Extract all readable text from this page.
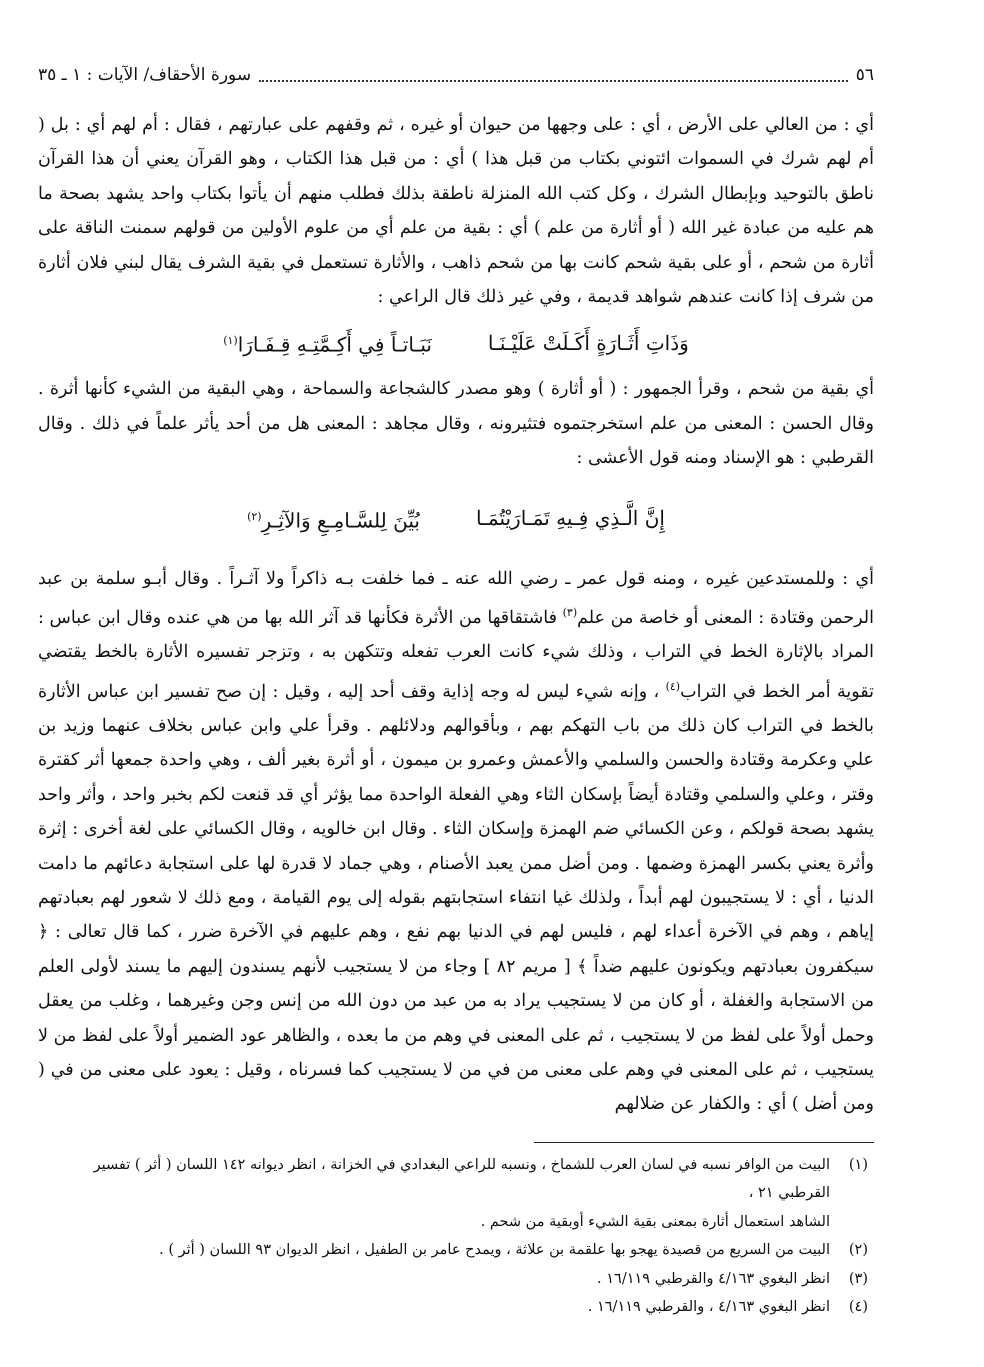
٥٦
سورة الأحقاف/ الآيات : ١ ـ ٣٥

أي : من العالي على الأرض ، أي : على وجهها من حيوان أو غيره ، ثم وقفهم على عبارتهم ، فقال : أم لهم أي : بل ( أم لهم شرك في السموات ائتوني بكتاب من قبل هذا ) أي : من قبل هذا الكتاب ، وهو القرآن يعني أن هذا القرآن ناطق بالتوحيد وبإبطال الشرك ، وكل كتب الله المنزلة ناطقة بذلك فطلب منهم أن يأتوا بكتاب واحد يشهد بصحة ما هم عليه من عبادة غير الله ( أو أثارة من علم ) أي : بقية من علم أي من علوم الأولين من قولهم سمنت الناقة على أثارة من شحم ، أو على بقية شحم كانت بها من شحم ذاهب ، والأثارة تستعمل في بقية الشرف يقال لبني فلان أثارة من شرف إذا كانت عندهم شواهد قديمة ، وفي غير ذلك قال الراعي :

وَذَاتِ أَثَـارَةٍ أَكَـلَتْ عَلَيْـنَـا
نَبَـاتـاً فِي أَكِـمَّتِـهِ قِـفَـارَا$^{(١)}$

أي بقية من شحم ، وقرأ الجمهور : ( أو أثارة ) وهو مصدر كالشجاعة والسماحة ، وهي البقية من الشيء كأنها أثرة . وقال الحسن : المعنى من علم استخرجتموه فتثيرونه ، وقال مجاهد : المعنى هل من أحد يأثر علماً في ذلك . وقال القرطبي : هو الإسناد ومنه قول الأعشى :

إِنَّ الَّـذِي فِـيهِ تَمَـارَيْتُمَـا
بُيِّنَ لِلسَّـامِـعِ وَالآثِـرِ$^{(٢)}$

أي : وللمستدعين غيره ، ومنه قول عمر ـ رضي الله عنه ـ فما خلفت بـه ذاكراً ولا آثـراً . وقال أبـو سلمة بن عبد الرحمن وقتادة : المعنى أو خاصة من علم$^{(٣)}$ فاشتقاقها من الأثرة فكأنها قد آثر الله بها من هي عنده وقال ابن عباس : المراد بالإثارة الخط في التراب ، وذلك شيء كانت العرب تفعله وتتكهن به ، وتزجر تفسيره الأثارة بالخط يقتضي تقوية أمر الخط في التراب$^{(٤)}$ ، وإنه شيء ليس له وجه إذاية وقف أحد إليه ، وقيل : إن صح تفسير ابن عباس الأثارة بالخط في التراب كان ذلك من باب التهكم بهم ، وبأقوالهم ودلائلهم . وقرأ علي وابن عباس بخلاف عنهما وزيد بن علي وعكرمة وقتادة والحسن والسلمي والأعمش وعمرو بن ميمون ، أو أثرة بغير ألف ، وهي واحدة جمعها أثر كقترة وقتر ، وعلي والسلمي وقتادة أيضاً بإسكان الثاء وهي الفعلة الواحدة مما يؤثر أي قد قنعت لكم بخبر واحد ، وأثر واحد يشهد بصحة قولكم ، وعن الكسائي ضم الهمزة وإسكان الثاء . وقال ابن خالويه ، وقال الكسائي على لغة أخرى : إثرة وأثرة يعني بكسر الهمزة وضمها . ومن أضل ممن يعبد الأصنام ، وهي جماد لا قدرة لها على استجابة دعائهم ما دامت الدنيا ، أي : لا يستجيبون لهم أبداً ، ولذلك غيا انتفاء استجابتهم بقوله إلى يوم القيامة ، ومع ذلك لا شعور لهم بعبادتهم إياهم ، وهم في الآخرة أعداء لهم ، فليس لهم في الدنيا بهم نفع ، وهم عليهم في الآخرة ضرر ، كما قال تعالى : ﴿ سيكفرون بعبادتهم ويكونون عليهم ضداً ﴾ [ مريم ٨٢ ] وجاء من لا يستجيب لأنهم يسندون إليهم ما يسند لأولى العلم من الاستجابة والغفلة ، أو كان من لا يستجيب يراد به من عبد من دون الله من إنس وجن وغيرهما ، وغلب من يعقل وحمل أولاً على لفظ من لا يستجيب ، ثم على المعنى في وهم من ما بعده ، والظاهر عود الضمير أولاً على لفظ من لا يستجيب ، ثم على المعنى في وهم على معنى من في من لا يستجيب كما فسرناه ، وقيل : يعود على معنى من في ( ومن أضل ) أي : والكفار عن ضلالهم

(١)
البيت من الوافر نسبه في لسان العرب للشماخ ، ونسبه للراعي البغدادي في الخزانة ، انظر ديوانه ١٤٢ اللسان ( أثر ) تفسير القرطبي ٢١ ،
الشاهد استعمال أثارة بمعنى بقية الشيء أوبقية من شحم .
(٢)
البيت من السريع من قصيدة يهجو بها علقمة بن علاثة ، ويمدح عامر بن الطفيل ، انظر الديوان ٩٣ اللسان ( أثر ) .
(٣)
انظر البغوي ٤/١٦٣ والقرطبي ١٦/١١٩ .
(٤)
انظر البغوي ٤/١٦٣ ، والقرطبي ١٦/١١٩ .
